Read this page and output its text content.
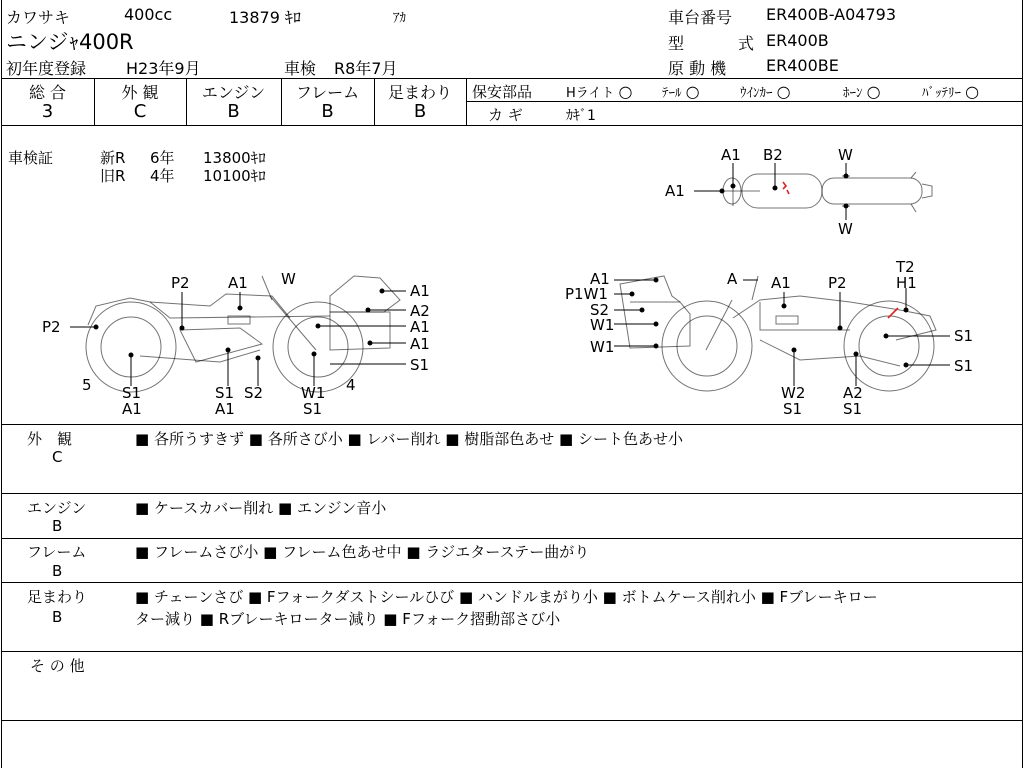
カワサキ	400cc	13879 ｷﾛ	ｱｶ
ニンジｬ400R
初年度登録 H23年9月	車検 R8年7月
車台番号 ER400B-A04793
型	式 ER400B
原 動 機 ER400BE
総 合
3
外 観
C
エンジン
B
フレーム
B
足まわり
B
保安部品	Hライト ○ ﾃｰﾙ ○	ｳｲﾝｶｰ ○	ﾎｰﾝ ○	ﾊﾞｯﾃﾘｰ ○
カ ギ	ｶｷﾞ1
車検証	新R 6年 13800ｷﾛ
旧R 4年 10100ｷﾛ
A1 B2	W
A1
W
P2	A1 W
A1
A2
A1
A1
S1
P2
5 S1
A1
S1
A1
S2	W1
S1
4
A1	A A1 P2
T2
H1
P1W1
S2
W1
W1
S1
S1
W2
S1
A2
S1
外　観
C
■ 各所うすきず ■ 各所さび小 ■ レバー削れ ■ 樹脂部色あせ ■ シート色あせ小
エンジン
B
■ ケースカバー削れ ■ エンジン音小
フレーム
B
■ フレームさび小 ■ フレーム色あせ中 ■ ラジエターステー曲がり
足まわり
B
■ チェーンさび ■ Fフォークダストシールひび ■ ハンドルまがり小 ■ ボトムケース削れ小 ■ Fブレーキロー
ター減り ■ Rブレーキローター減り ■ Fフォーク摺動部さび小
そ の 他
